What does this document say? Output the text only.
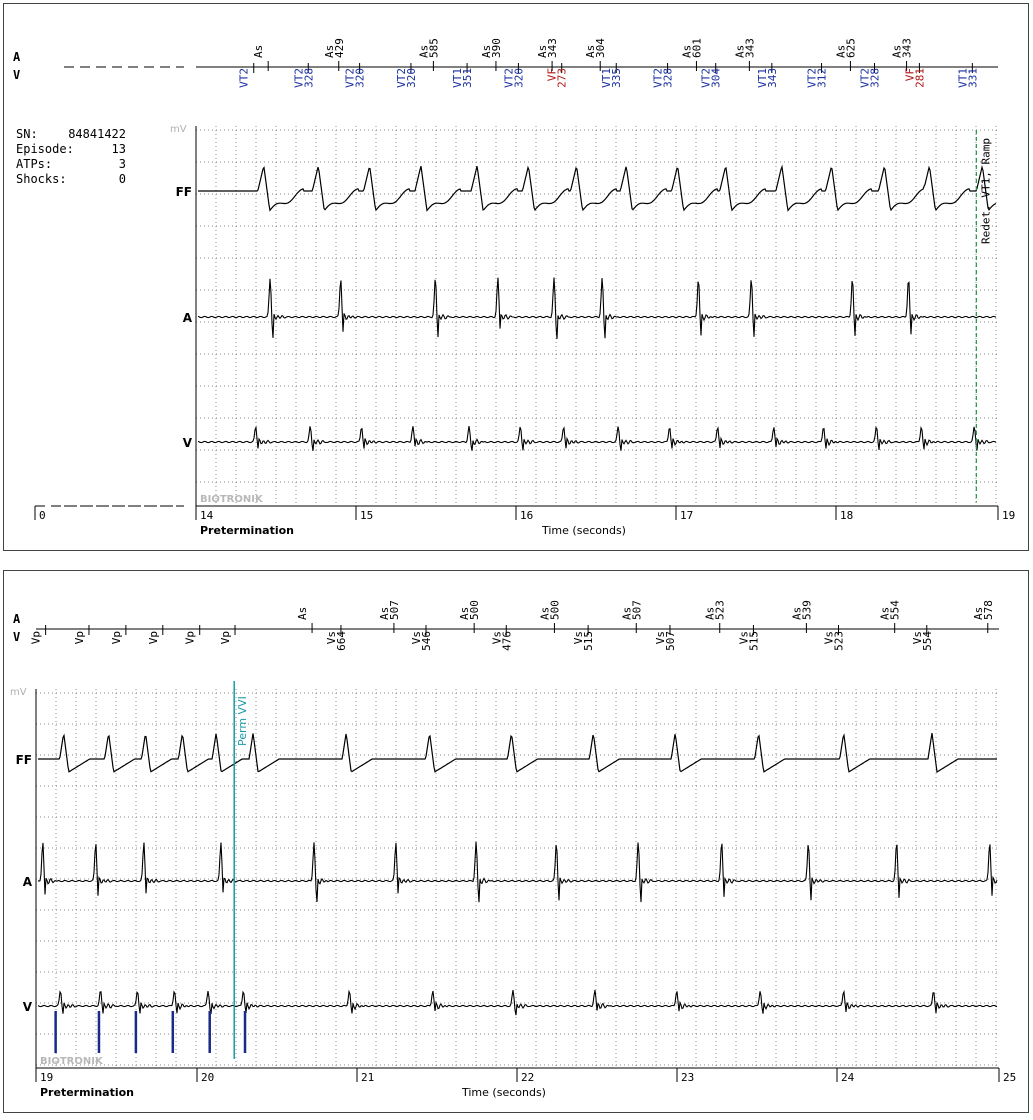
SN:	84841422
Episode:	13
ATPs:	3
Shocks:	0
A
V
mV
FF
A
V
As	As
429	As
585	As
390	As
343 As
304	As
601	As
343	As
625	As
343
VT2	VT2
328	VT2
320	VT2
320	VT1
351	VT2
320 VF
273	VT1
335	VT2
328 VT2
304	VT1
343 VT2
312	VT2
328 VF
281	VT1
331
0	14	15	16	17	18	19
Pretermination	Time (seconds)
BIOTRONIK
Redet. VT1, Ramp
A
V
mV
FF
A
V
As	As
507	As
500	As
500	As
507	As
523	As
539	As
554	As
578
Vp	Vp Vp Vp Vp Vp	Vs
664	Vs
546	Vs
476	Vs
515	Vs
507	Vs
515	Vs
523	Vs
554
19	20	21	22	23	24	25
Pretermination	Time (seconds)
BIOTRONIK
Perm VVI
